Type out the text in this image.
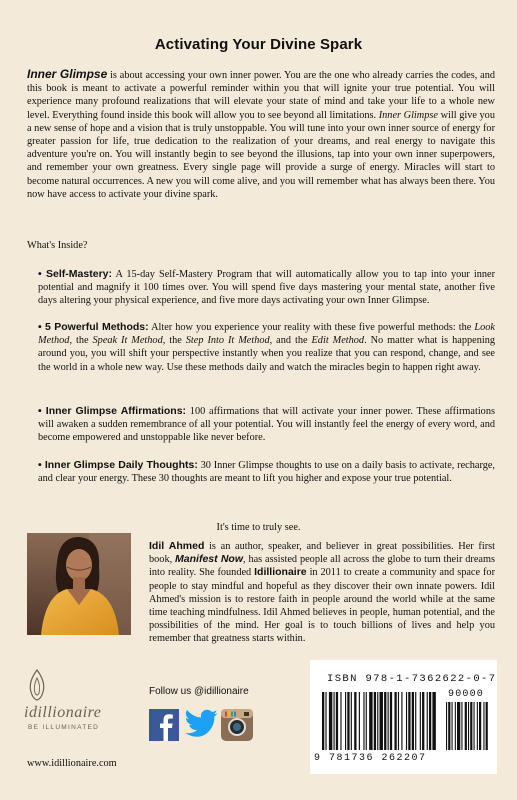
Activating Your Divine Spark
Inner Glimpse is about accessing your own inner power. You are the one who already carries the codes, and this book is meant to activate a powerful reminder within you that will ignite your true potential. You will experience many profound realizations that will elevate your state of mind and take your life to a whole new level. Everything found inside this book will allow you to see beyond all limitations. Inner Glimpse will give you a new sense of hope and a vision that is truly unstoppable. You will tune into your own inner source of energy for greater passion for life, true dedication to the realization of your dreams, and real energy to navigate this adventure you're on. You will instantly begin to see beyond the illusions, tap into your own inner superpowers, and remember your own greatness. Every single page will provide a surge of energy. Miracles will start to become natural occurrences. A new you will come alive, and you will remember what has always been there. You now have access to activate your divine spark.
What's Inside?
• Self-Mastery: A 15-day Self-Mastery Program that will automatically allow you to tap into your inner potential and magnify it 100 times over. You will spend five days mastering your mental state, another five days altering your physical experience, and five more days activating your own Inner Glimpse.
• 5 Powerful Methods: Alter how you experience your reality with these five powerful methods: the Look Method, the Speak It Method, the Step Into It Method, and the Edit Method. No matter what is happening around you, you will shift your perspective instantly when you realize that you can respond, change, and see the world in a whole new way. Use these methods daily and watch the miracles begin to happen right away.
• Inner Glimpse Affirmations: 100 affirmations that will activate your inner power. These affirmations will awaken a sudden remembrance of all your potential. You will instantly feel the energy of every word, and become empowered and unstoppable like never before.
• Inner Glimpse Daily Thoughts: 30 Inner Glimpse thoughts to use on a daily basis to activate, recharge, and clear your energy. These 30 thoughts are meant to lift you higher and expose your true potential.
It's time to truly see.
Idil Ahmed is an author, speaker, and believer in great possibilities. Her first book, Manifest Now, has assisted people all across the globe to turn their dreams into reality. She founded Idillionaire in 2011 to create a community and space for people to stay mindful and hopeful as they discover their own innate powers. Idil Ahmed's mission is to restore faith in people around the world while at the same time teaching mindfulness. Idil Ahmed believes in people, human potential, and the possibilities of the mind. Her goal is to touch billions of lives and help you remember that greatness starts within.
idillionaire
BE ILLUMINATED
www.idillionaire.com
Follow us @idillionaire
ISBN 978-1-7362622-0-7
90000
9 781736 262207
